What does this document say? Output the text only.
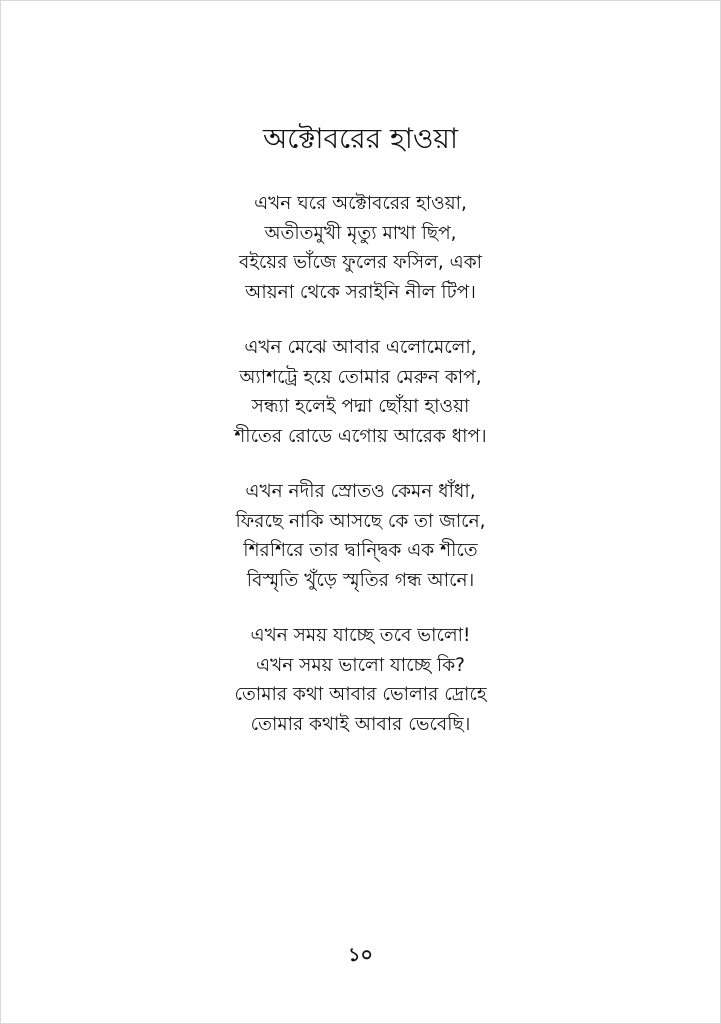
অক্টোবরের হাওয়া
এখন ঘরে অক্টোবরের হাওয়া,
অতীতমুখী মৃত্যু মাখা ছিপ,
বইয়ের ভাঁজে ফুলের ফসিল, একা
আয়না থেকে সরাইনি নীল টিপ।
এখন মেঝে আবার এলোমেলো,
অ্যাশট্রে হয়ে তোমার মেরুন কাপ,
সন্ধ্যা হলেই পদ্মা ছোঁয়া হাওয়া
শীতের রোডে এগোয় আরেক ধাপ।
এখন নদীর স্রোতও কেমন ধাঁধা,
ফিরছে নাকি আসছে কে তা জানে,
শিরশিরে তার দ্বান্দ্বিক এক শীতে
বিস্মৃতি খুঁড়ে স্মৃতির গন্ধ আনে।
এখন সময় যাচ্ছে তবে ভালো!
এখন সময় ভালো যাচ্ছে কি?
তোমার কথা আবার ভোলার দ্রোহে
তোমার কথাই আবার ভেবেছি।
১০
